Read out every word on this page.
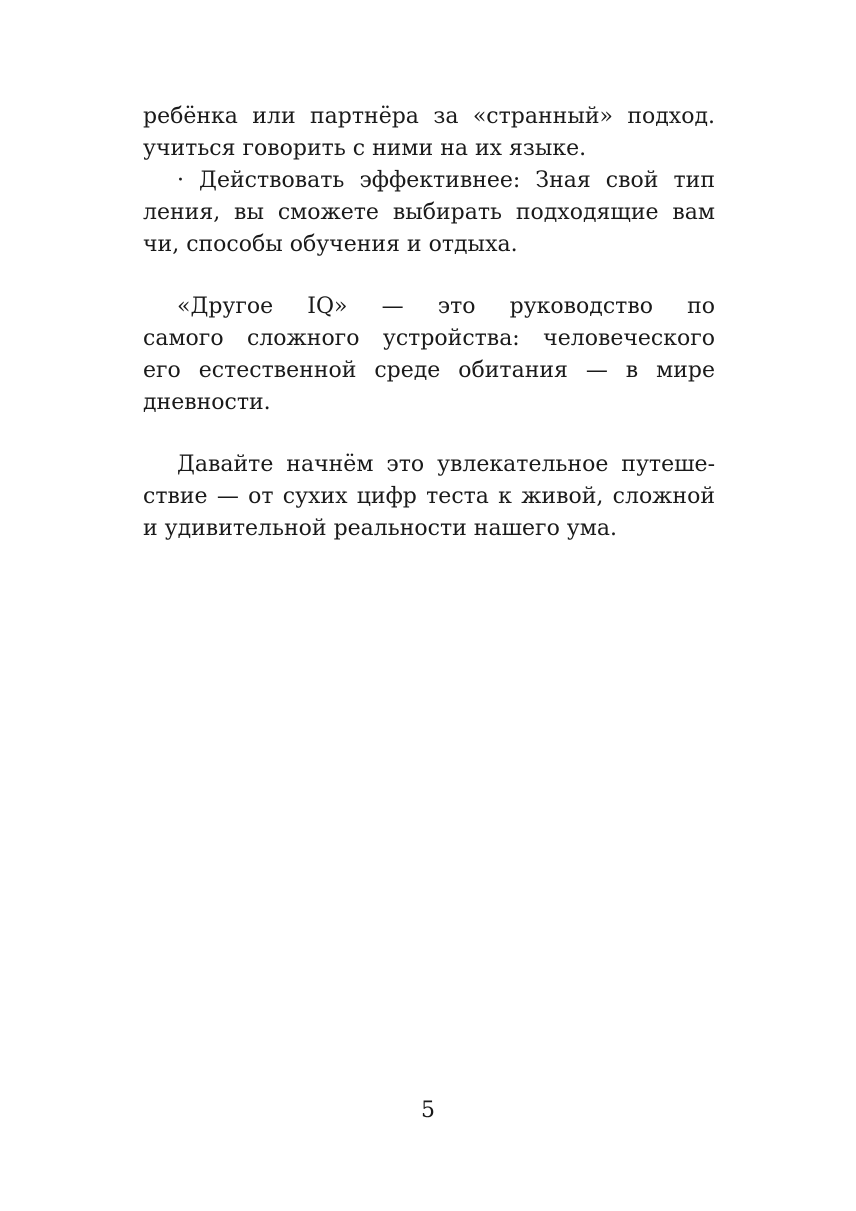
ребёнка или партнёра за «странный» подход.
учиться говорить с ними на их языке.
· Действовать эффективнее: Зная свой тип
ления, вы сможете выбирать подходящие вам
чи, способы обучения и отдыха.
«Другое IQ» — это руководство по
самого сложного устройства: человеческого
его естественной среде обитания — в мире
дневности.
Давайте начнём это увлекательное путеше-
ствие — от сухих цифр теста к живой, сложной
и удивительной реальности нашего ума.
5
